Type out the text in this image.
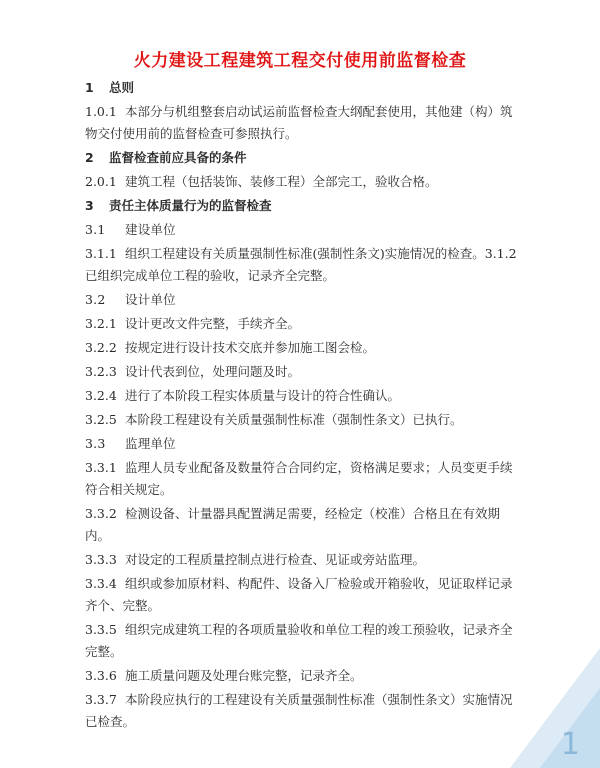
火力建设工程建筑工程交付使用前监督检查
1 总则
1.0.1 本部分与机组整套启动试运前监督检查大纲配套使用，其他建（构）筑
物交付使用前的监督检查可参照执行。
2 监督检查前应具备的条件
2.0.1 建筑工程（包括装饰、装修工程）全部完工，验收合格。
3 责任主体质量行为的监督检查
3.1 建设单位
3.1.1 组织工程建设有关质量强制性标准(强制性条文)实施情况的检查。3.1.2
已组织完成单位工程的验收，记录齐全完整。
3.2 设计单位
3.2.1 设计更改文件完整，手续齐全。
3.2.2 按规定进行设计技术交底并参加施工图会检。
3.2.3 设计代表到位，处理问题及时。
3.2.4 进行了本阶段工程实体质量与设计的符合性确认。
3.2.5 本阶段工程建设有关质量强制性标准（强制性条文）已执行。
3.3 监理单位
3.3.1 监理人员专业配备及数量符合合同约定，资格满足要求；人员变更手续
符合相关规定。
3.3.2 检测设备、计量器具配置满足需要，经检定（校准）合格且在有效期
内。
3.3.3 对设定的工程质量控制点进行检查、见证或旁站监理。
3.3.4 组织或参加原材料、构配件、设备入厂检验或开箱验收，见证取样记录
齐个、完整。
3.3.5 组织完成建筑工程的各项质量验收和单位工程的竣工预验收，记录齐全
完整。
3.3.6 施工质量问题及处理台账完整，记录齐全。
3.3.7 本阶段应执行的工程建设有关质量强制性标准（强制性条文）实施情况
已检查。
1
